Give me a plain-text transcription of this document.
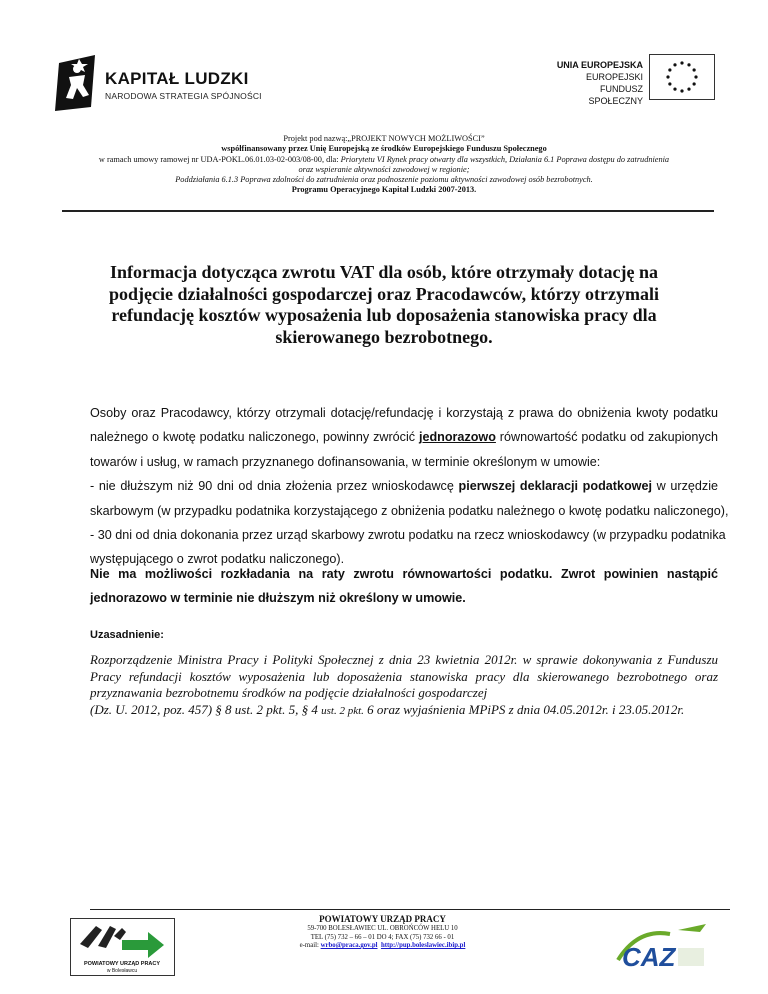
KAPITAŁ LUDZKI
NARODOWA STRATEGIA SPÓJNOŚCI
UNIA EUROPEJSKA
EUROPEJSKI
FUNDUSZ SPOŁECZNY
Projekt pod nazwą:„PROJEKT NOWYCH MOŻLIWOŚCI”
współfinansowany przez Unię Europejską ze środków Europejskiego Funduszu Społecznego
w ramach umowy ramowej nr UDA-POKL.06.01.03-02-003/08-00, dla: Priorytetu VI Rynek pracy otwarty dla wszystkich, Działania 6.1 Poprawa dostępu do zatrudnienia
oraz wspieranie aktywności zawodowej w regionie;
Poddziałania 6.1.3 Poprawa zdolności do zatrudnienia oraz podnoszenie poziomu aktywności zawodowej osób bezrobotnych.
Programu Operacyjnego Kapitał Ludzki 2007-2013.
Informacja dotycząca zwrotu VAT dla osób, które otrzymały dotację na podjęcie działalności gospodarczej oraz Pracodawców, którzy otrzymali refundację kosztów wyposażenia lub doposażenia stanowiska pracy dla skierowanego bezrobotnego.
Osoby oraz Pracodawcy, którzy otrzymali dotację/refundację i korzystają z prawa do obniżenia kwoty podatku
należnego o kwotę podatku naliczonego, powinny zwrócić jednorazowo równowartość podatku od zakupionych
towarów i usług, w ramach przyznanego dofinansowania, w terminie określonym w umowie:
- nie dłuższym niż 90 dni od dnia złożenia przez wnioskodawcę pierwszej deklaracji podatkowej w urzędzie
skarbowym (w przypadku podatnika korzystającego z obniżenia podatku należnego o kwotę podatku naliczonego),
- 30 dni od dnia dokonania przez urząd skarbowy zwrotu podatku na rzecz wnioskodawcy (w przypadku podatnika
występującego o zwrot podatku naliczonego).
Nie ma możliwości rozkładania na raty zwrotu równowartości podatku. Zwrot powinien nastąpić
jednorazowo w terminie nie dłuższym niż określony w umowie.
Uzasadnienie:
Rozporządzenie Ministra Pracy i Polityki Społecznej z dnia 23 kwietnia 2012r. w sprawie dokonywania z Funduszu Pracy refundacji kosztów wyposażenia lub doposażenia stanowiska pracy dla skierowanego bezrobotnego oraz przyznawania bezrobotnemu środków na podjęcie działalności gospodarczej
(Dz. U. 2012, poz. 457) § 8 ust. 2 pkt. 5, § 4 ust. 2 pkt. 6 oraz wyjaśnienia MPiPS z dnia 04.05.2012r. i 23.05.2012r.
POWIATOWY URZĄD PRACY
w Bolesławcu
POWIATOWY URZĄD PRACY
59-700 BOLESŁAWIEC UL. OBROŃCÓW HELU 10
TEL (75) 732 – 66 – 01 DO 4; FAX (75) 732 66 - 01
e-mail: wrbo@praca.gov.pl http://pup.boleslawiec.ibip.pl	CAZ
